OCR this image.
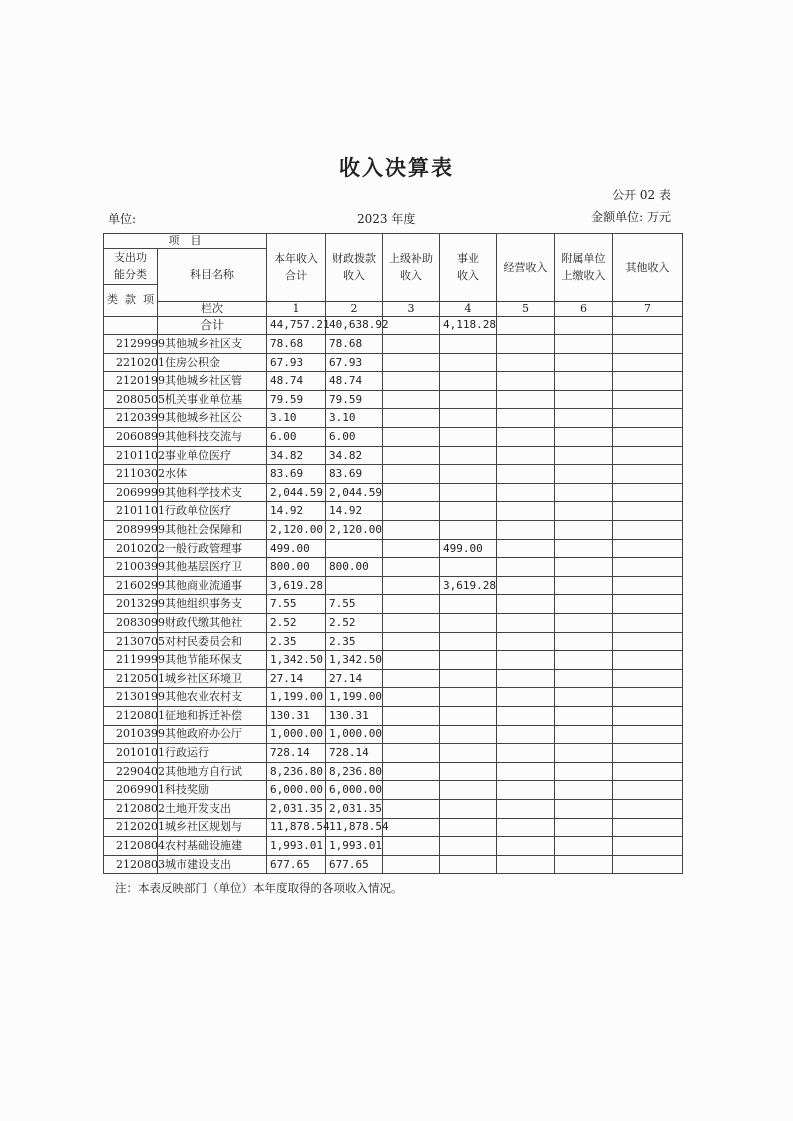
收入决算表
公开 02 表
单位:	2023 年度	金额单位: 万元
项　目		本年收入合计	财政拨款收入	上级补助收入	事业收入	经营收入	附属单位上缴收入	其他收入
支出功能分类	科目名称							
类 款 项								
	栏次	1	2	3	4	5	6	7
	合计	44,757.21	40,638.92		4,118.28			
2129999	其他城乡社区支	78.68	78.68					
2210201	住房公积金	67.93	67.93					
2120199	其他城乡社区管	48.74	48.74					
2080505	机关事业单位基	79.59	79.59					
2120399	其他城乡社区公	3.10	3.10					
2060899	其他科技交流与	6.00	6.00					
2101102	事业单位医疗	34.82	34.82					
2110302	水体	83.69	83.69					
2069999	其他科学技术支	2,044.59	2,044.59					
2101101	行政单位医疗	14.92	14.92					
2089999	其他社会保障和	2,120.00	2,120.00					
2010202	一般行政管理事	499.00			499.00			
2100399	其他基层医疗卫	800.00	800.00					
2160299	其他商业流通事	3,619.28			3,619.28			
2013299	其他组织事务支	7.55	7.55					
2083099	财政代缴其他社	2.52	2.52					
2130705	对村民委员会和	2.35	2.35					
2119999	其他节能环保支	1,342.50	1,342.50					
2120501	城乡社区环境卫	27.14	27.14					
2130199	其他农业农村支	1,199.00	1,199.00					
2120801	征地和拆迁补偿	130.31	130.31					
2010399	其他政府办公厅	1,000.00	1,000.00					
2010101	行政运行	728.14	728.14					
2290402	其他地方自行试	8,236.80	8,236.80					
2069901	科技奖励	6,000.00	6,000.00					
2120802	土地开发支出	2,031.35	2,031.35					
2120201	城乡社区规划与	11,878.54	11,878.54					
2120804	农村基础设施建	1,993.01	1,993.01					
2120803	城市建设支出	677.65	677.65					
注：本表反映部门（单位）本年度取得的各项收入情况。
